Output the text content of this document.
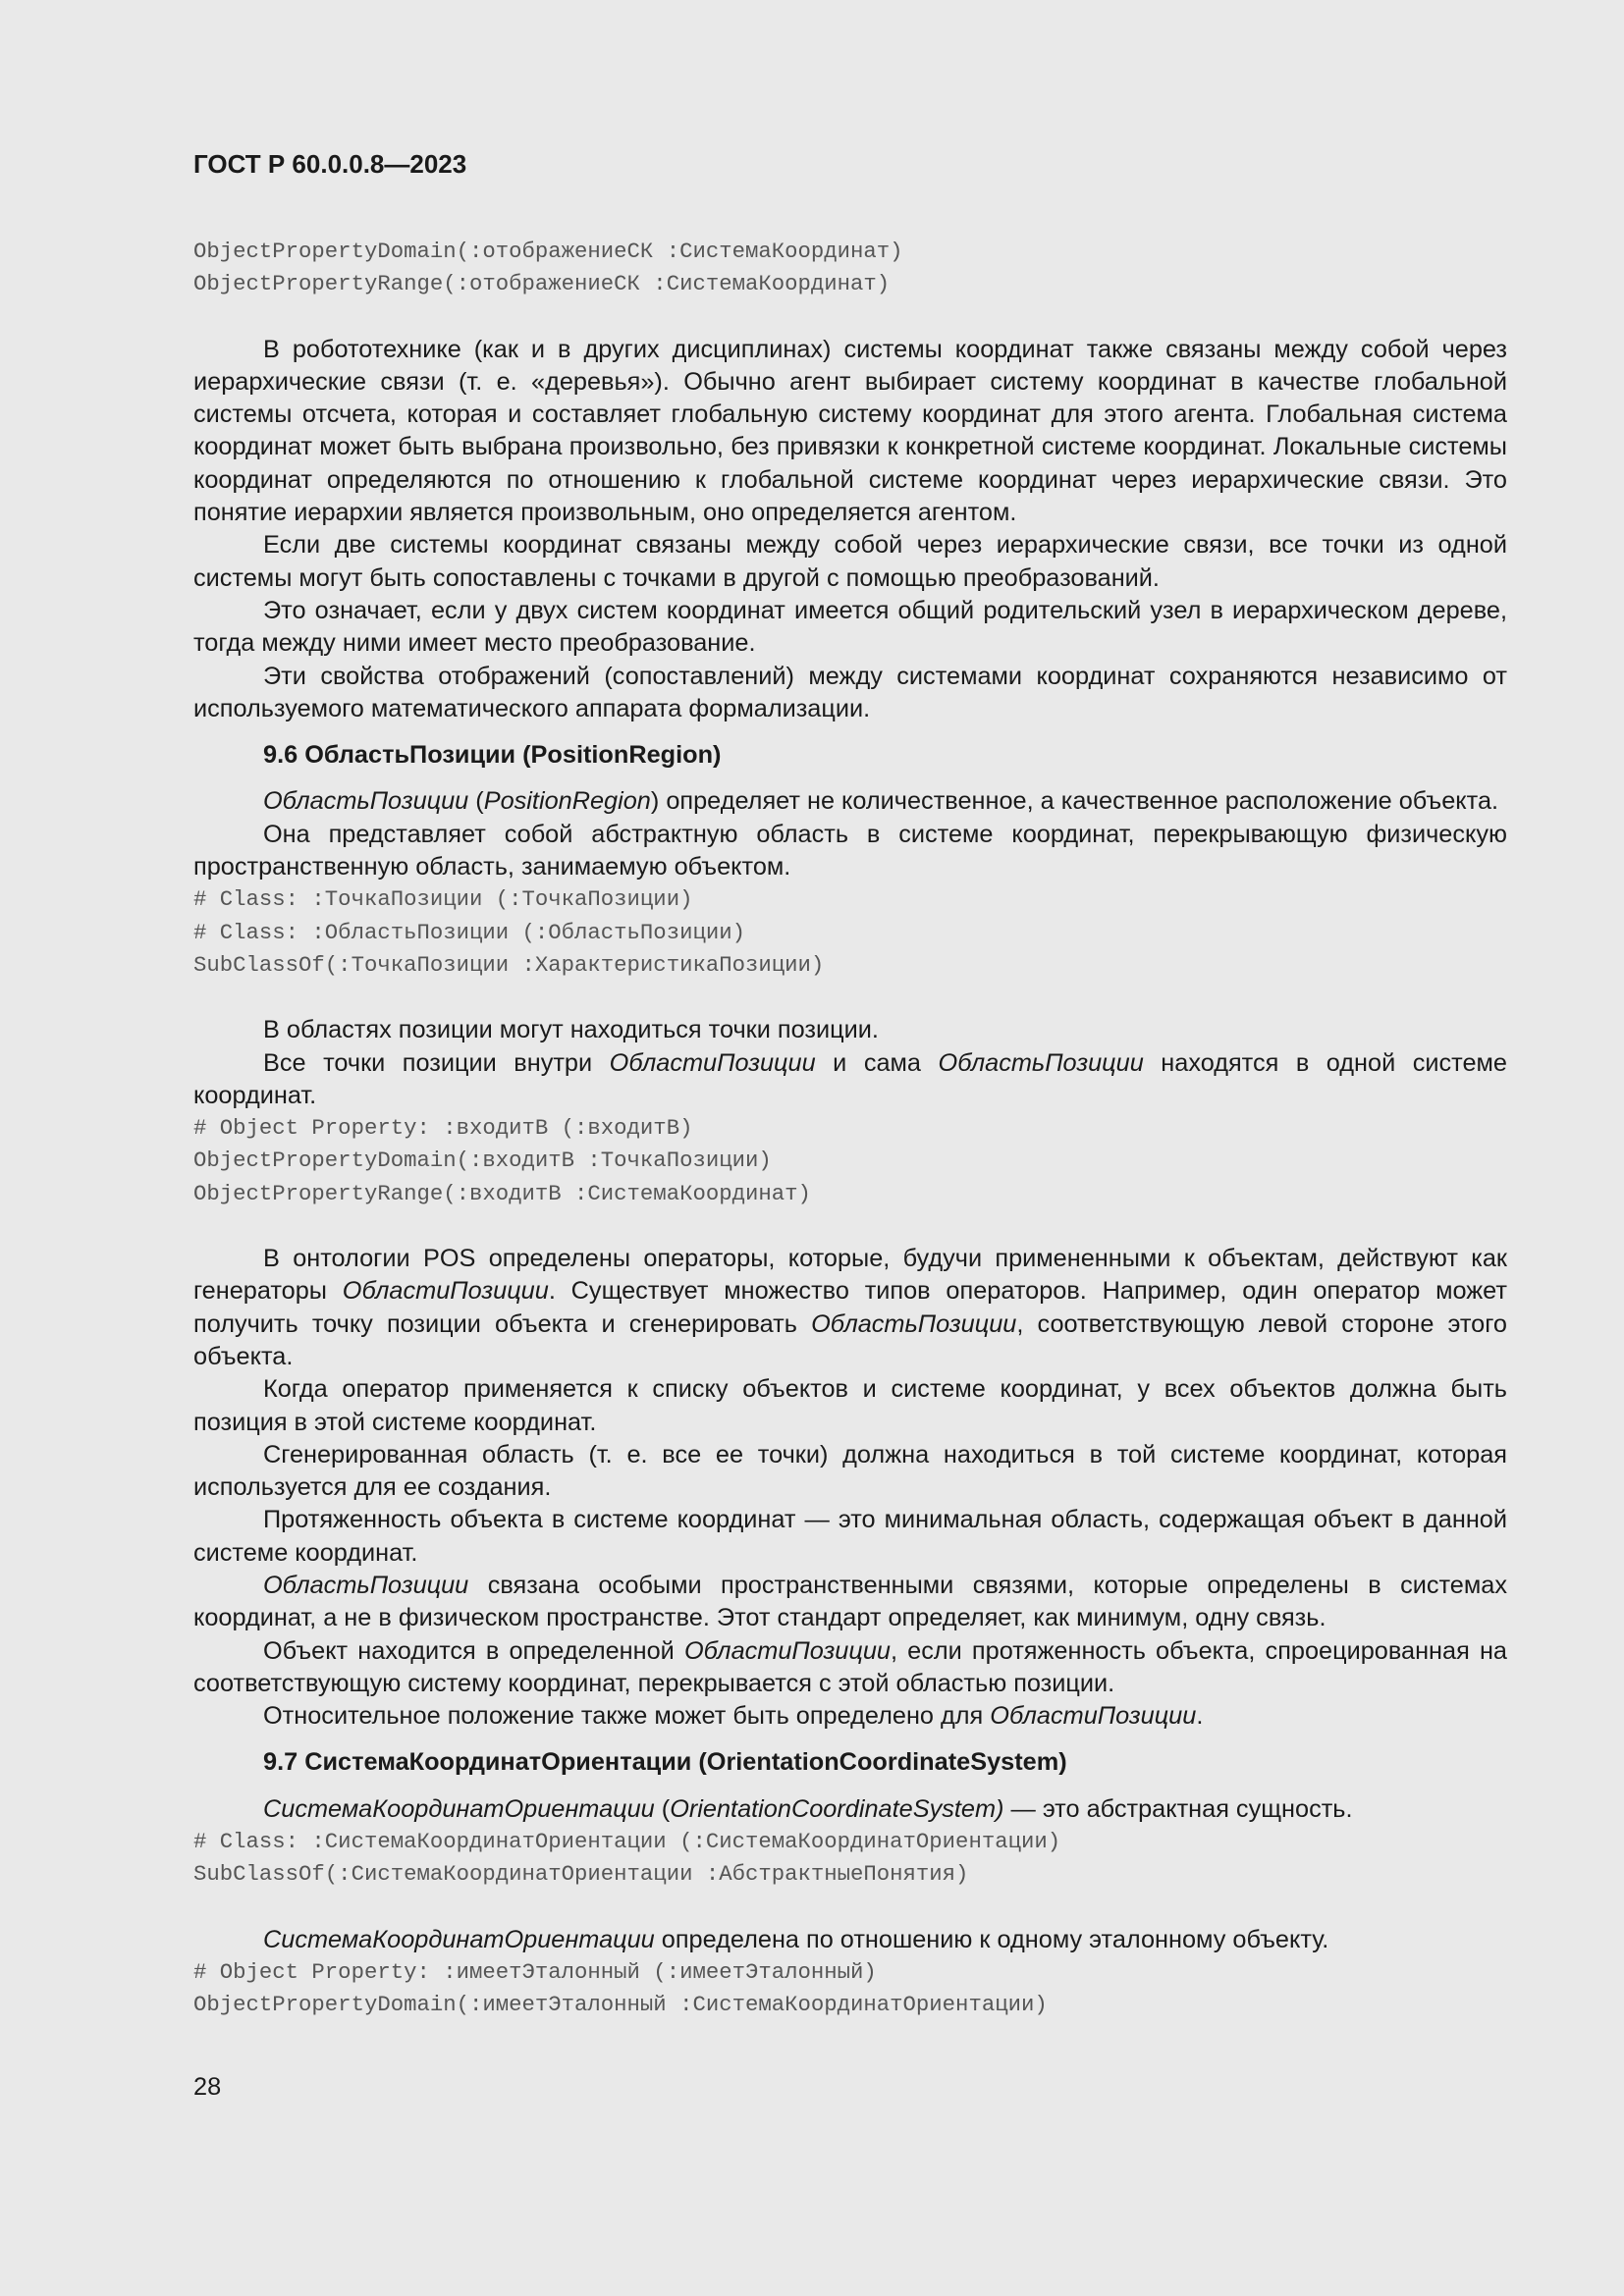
ГОСТ Р 60.0.0.8—2023
ObjectPropertyDomain(:отображениеСК :СистемаКоординат)
ObjectPropertyRange(:отображениеСК :СистемаКоординат)

В робототехнике (как и в других дисциплинах) системы координат также связаны между собой через иерархические связи (т. е. «деревья»). Обычно агент выбирает систему координат в качестве глобальной системы отсчета, которая и составляет глобальную систему координат для этого агента. Глобальная система координат может быть выбрана произвольно, без привязки к конкретной системе координат. Локальные системы координат определяются по отношению к глобальной системе координат через иерархические связи. Это понятие иерархии является произвольным, оно определяется агентом.

Если две системы координат связаны между собой через иерархические связи, все точки из одной системы могут быть сопоставлены с точками в другой с помощью преобразований.

Это означает, если у двух систем координат имеется общий родительский узел в иерархическом дереве, тогда между ними имеет место преобразование.

Эти свойства отображений (сопоставлений) между системами координат сохраняются независимо от используемого математического аппарата формализации.

9.6 ОбластьПозиции (PositionRegion)

ОбластьПозиции (PositionRegion) определяет не количественное, а качественное расположение объекта.

Она представляет собой абстрактную область в системе координат, перекрывающую физическую пространственную область, занимаемую объектом.

# Class: :ТочкаПозиции (:ТочкаПозиции)
# Class: :ОбластьПозиции (:ОбластьПозиции)
SubClassOf(:ТочкаПозиции :ХарактеристикаПозиции)

В областях позиции могут находиться точки позиции.

Все точки позиции внутри ОбластиПозиции и сама ОбластьПозиции находятся в одной системе координат.

# Object Property: :входитВ (:входитВ)
ObjectPropertyDomain(:входитВ :ТочкаПозиции)
ObjectPropertyRange(:входитВ :СистемаКоординат)

В онтологии POS определены операторы, которые, будучи примененными к объектам, действуют как генераторы ОбластиПозиции. Существует множество типов операторов. Например, один оператор может получить точку позиции объекта и сгенерировать ОбластьПозиции, соответствующую левой стороне этого объекта.

Когда оператор применяется к списку объектов и системе координат, у всех объектов должна быть позиция в этой системе координат.

Сгенерированная область (т. е. все ее точки) должна находиться в той системе координат, которая используется для ее создания.

Протяженность объекта в системе координат — это минимальная область, содержащая объект в данной системе координат.

ОбластьПозиции связана особыми пространственными связями, которые определены в системах координат, а не в физическом пространстве. Этот стандарт определяет, как минимум, одну связь.

Объект находится в определенной ОбластиПозиции, если протяженность объекта, спроецированная на соответствующую систему координат, перекрывается с этой областью позиции.

Относительное положение также может быть определено для ОбластиПозиции.

9.7 СистемаКоординатОриентации (OrientationCoordinateSystem)

СистемаКоординатОриентации (OrientationCoordinateSystem) — это абстрактная сущность.

# Class: :СистемаКоординатОриентации (:СистемаКоординатОриентации)
SubClassOf(:СистемаКоординатОриентации :АбстрактныеПонятия)

СистемаКоординатОриентации определена по отношению к одному эталонному объекту.

# Object Property: :имеетЭталонный (:имеетЭталонный)
ObjectPropertyDomain(:имеетЭталонный :СистемаКоординатОриентации)
28
